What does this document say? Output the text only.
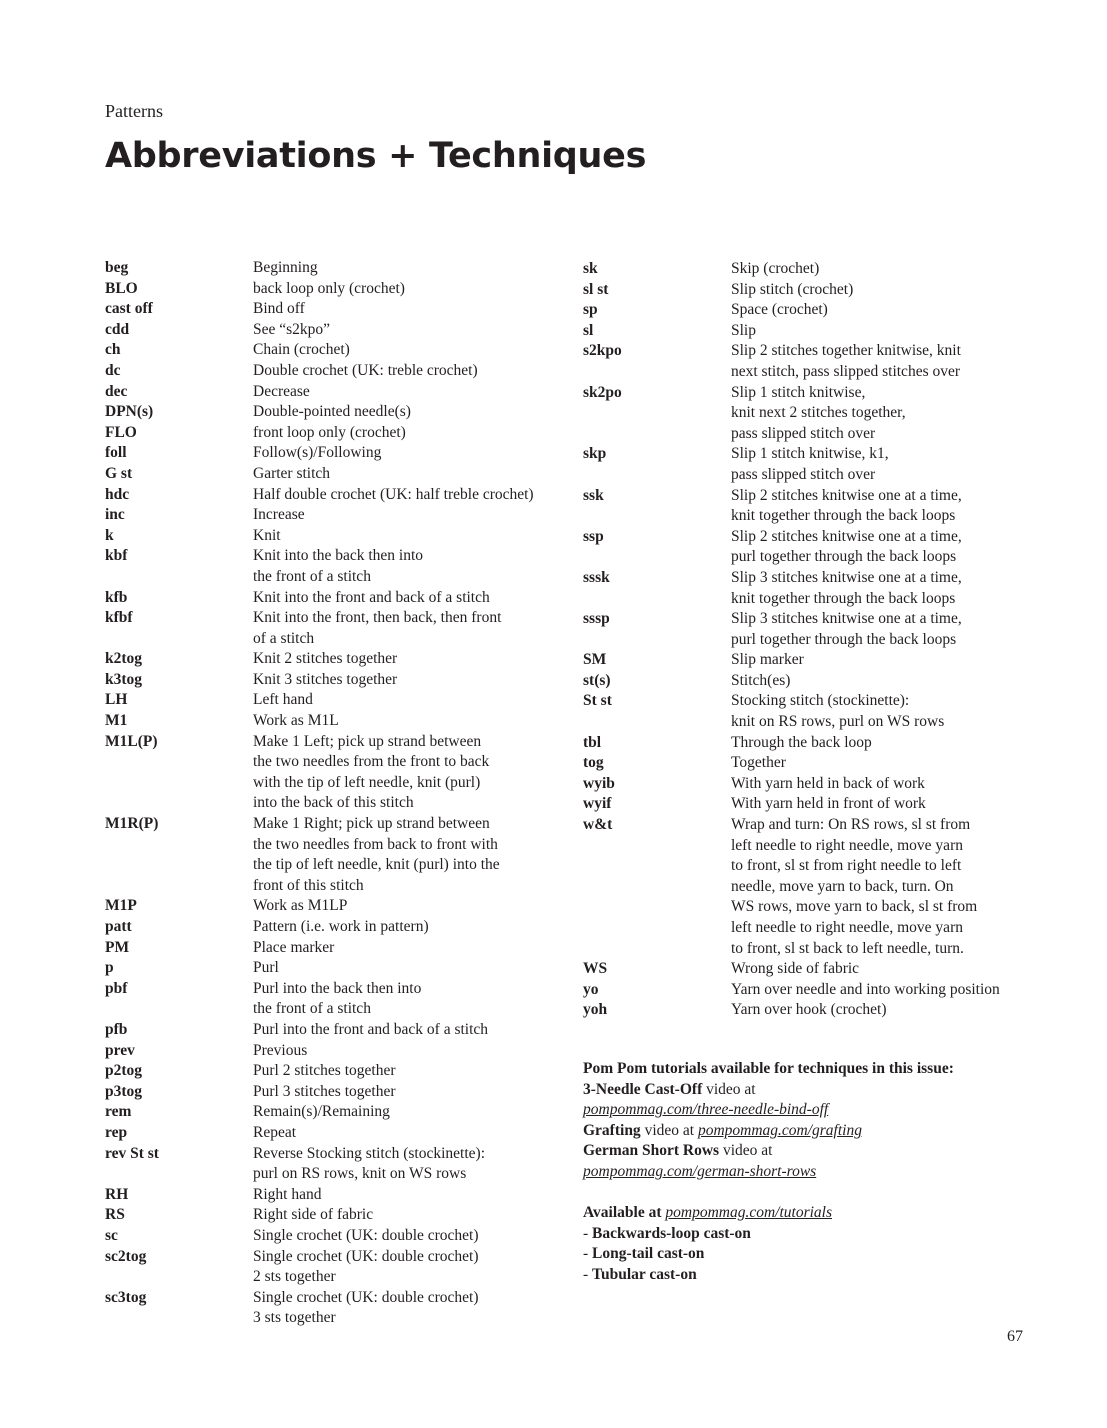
Patterns
Abbreviations + Techniques
beg	Beginning
BLO	back loop only (crochet)
cast off	Bind off
cdd	See “s2kpo”
ch	Chain (crochet)
dc	Double crochet (UK: treble crochet)
dec	Decrease
DPN(s)	Double-pointed needle(s)
FLO	front loop only (crochet)
foll	Follow(s)/Following
G st	Garter stitch
hdc	Half double crochet (UK: half treble crochet)
inc	Increase
k	Knit
kbf	Knit into the back then into
the front of a stitch
kfb	Knit into the front and back of a stitch
kfbf	Knit into the front, then back, then front
of a stitch
k2tog	Knit 2 stitches together
k3tog	Knit 3 stitches together
LH	Left hand
M1	Work as M1L
M1L(P)	Make 1 Left; pick up strand between
the two needles from the front to back
with the tip of left needle, knit (purl)
into the back of this stitch
M1R(P)	Make 1 Right; pick up strand between
the two needles from back to front with
the tip of left needle, knit (purl) into the
front of this stitch
M1P	Work as M1LP
patt	Pattern (i.e. work in pattern)
PM	Place marker
p	Purl
pbf	Purl into the back then into
the front of a stitch
pfb	Purl into the front and back of a stitch
prev	Previous
p2tog	Purl 2 stitches together
p3tog	Purl 3 stitches together
rem	Remain(s)/Remaining
rep	Repeat
rev St st	Reverse Stocking stitch (stockinette):
purl on RS rows, knit on WS rows
RH	Right hand
RS	Right side of fabric
sc	Single crochet (UK: double crochet)
sc2tog	Single crochet (UK: double crochet)
2 sts together
sc3tog	Single crochet (UK: double crochet)
3 sts together
sk	Skip (crochet)
sl st	Slip stitch (crochet)
sp	Space (crochet)
sl	Slip
s2kpo	Slip 2 stitches together knitwise, knit
next stitch, pass slipped stitches over
sk2po	Slip 1 stitch knitwise,
knit next 2 stitches together,
pass slipped stitch over
skp	Slip 1 stitch knitwise, k1,
pass slipped stitch over
ssk	Slip 2 stitches knitwise one at a time,
knit together through the back loops
ssp	Slip 2 stitches knitwise one at a time,
purl together through the back loops
sssk	Slip 3 stitches knitwise one at a time,
knit together through the back loops
sssp	Slip 3 stitches knitwise one at a time,
purl together through the back loops
SM	Slip marker
st(s)	Stitch(es)
St st	Stocking stitch (stockinette):
knit on RS rows, purl on WS rows
tbl	Through the back loop
tog	Together
wyib	With yarn held in back of work
wyif	With yarn held in front of work
w&t	Wrap and turn: On RS rows, sl st from
left needle to right needle, move yarn
to front, sl st from right needle to left
needle, move yarn to back, turn. On
WS rows, move yarn to back, sl st from
left needle to right needle, move yarn
to front, sl st back to left needle, turn.
WS	Wrong side of fabric
yo	Yarn over needle and into working position
yoh	Yarn over hook (crochet)
Pom Pom tutorials available for techniques in this issue:
3-Needle Cast-Off video at
pompommag.com/three-needle-bind-off
Grafting video at pompommag.com/grafting
German Short Rows video at
pompommag.com/german-short-rows
Available at pompommag.com/tutorials
- Backwards-loop cast-on
- Long-tail cast-on
- Tubular cast-on
67
